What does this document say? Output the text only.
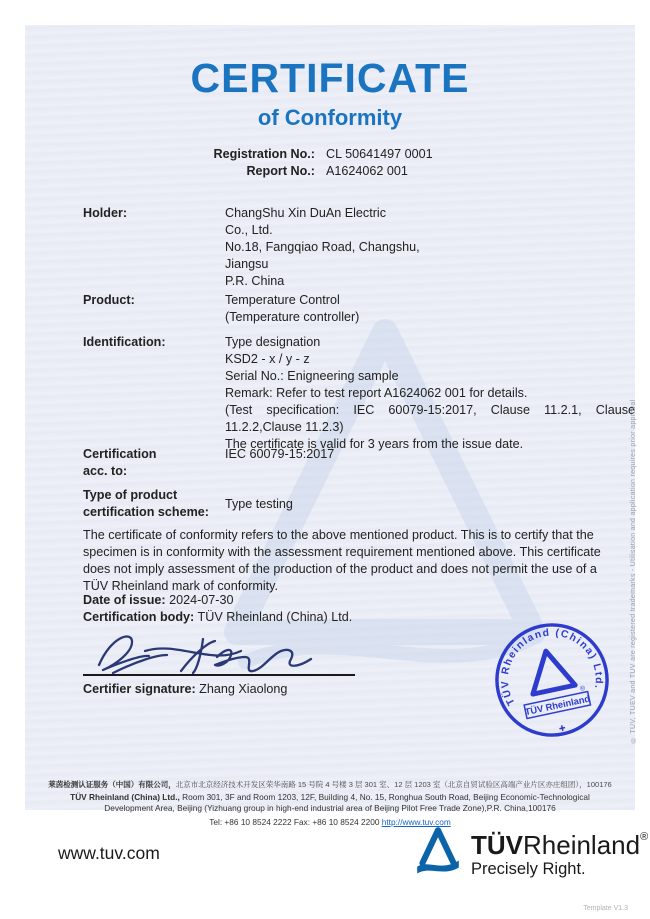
CERTIFICATE
of Conformity
Registration No.: CL 50641497 0001
Report No.: A1624062 001
Holder:	ChangShu Xin DuAn Electric
Co., Ltd.
No.18, Fangqiao Road, Changshu,
Jiangsu
P.R. China
Product:	Temperature Control
(Temperature controller)
Identification:	Type designation
KSD2 - x / y - z
Serial No.: Enigneering sample
Remark: Refer to test report A1624062 001 for details.
(Test specification: IEC 60079-15:2017, Clause 11.2.1, Clause 11.2.2,Clause 11.2.3)
The certificate is valid for 3 years from the issue date.
Certification
acc. to:
IEC 60079-15:2017
Type of product
certification scheme:
Type testing
The certificate of conformity refers to the above mentioned product. This is to certify that the specimen is in conformity with the assessment requirement mentioned above. This certificate does not imply assessment of the production of the product and does not permit the use of a TÜV Rheinland mark of conformity.
Date of issue: 2024-07-30
Certification body: TÜV Rheinland (China) Ltd.
Certifier signature: Zhang Xiaolong
TÜV Rheinland (China) Ltd.
®
TÜV Rheinland
✚
莱茵检测认证服务（中国）有限公司，北京市北京经济技术开发区荣华南路 15 号院 4 号楼 3 层 301 室、12 层 1203 室（北京自贸试验区高端产业片区亦庄组团），100176
TÜV Rheinland (China) Ltd., Room 301, 3F and Room 1203, 12F, Building 4, No. 15, Ronghua South Road, Beijing Economic-Technological Development Area, Beijing (Yizhuang group in high-end industrial area of Beijing Pilot Free Trade Zone),P.R. China,100176
Tel: +86 10 8524 2222 Fax: +86 10 8524 2200 http://www.tuv.com
® TÜV, TUEV and TUV are registered trademarks - Utilisation and application requires prior approval
www.tuv.com	TÜVRheinland®
Precisely Right.
Template V1.3
